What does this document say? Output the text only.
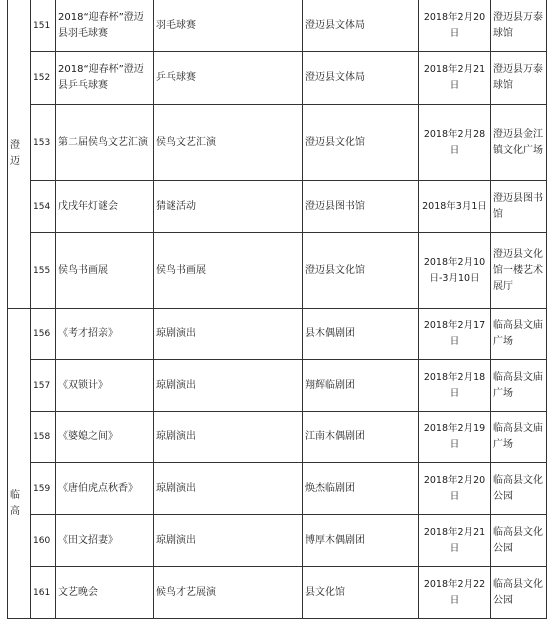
澄迈	151	2018“迎春杯”澄迈县羽毛球赛	羽毛球赛	澄迈县文体局	2018年2月20日	澄迈县万泰球馆
	152	2018“迎春杯”澄迈县乒乓球赛	乒乓球赛	澄迈县文体局	2018年2月21日	澄迈县万泰球馆
	153	第二届侯鸟文艺汇演	侯鸟文艺汇演	澄迈县文化馆	2018年2月28日	澄迈县金江镇文化广场
	154	戊戌年灯谜会	猜谜活动	澄迈县图书馆	2018年3月1日	澄迈县图书馆
	155	侯鸟书画展	侯鸟书画展	澄迈县文化馆	2018年2月10日-3月10日	澄迈县文化馆一楼艺术展厅
临高	156	《考才招亲》	琼剧演出	县木偶剧团	2018年2月17日	临高县文庙广场
	157	《双锁计》	琼剧演出	翔辉临剧团	2018年2月18日	临高县文庙广场
	158	《婆媳之间》	琼剧演出	江南木偶剧团	2018年2月19日	临高县文庙广场
	159	《唐伯虎点秋香》	琼剧演出	焕杰临剧团	2018年2月20日	临高县文化公园
	160	《田文招妻》	琼剧演出	博厚木偶剧团	2018年2月21日	临高县文化公园
	161	文艺晚会	候鸟才艺展演	县文化馆	2018年2月22日	临高县文化公园
